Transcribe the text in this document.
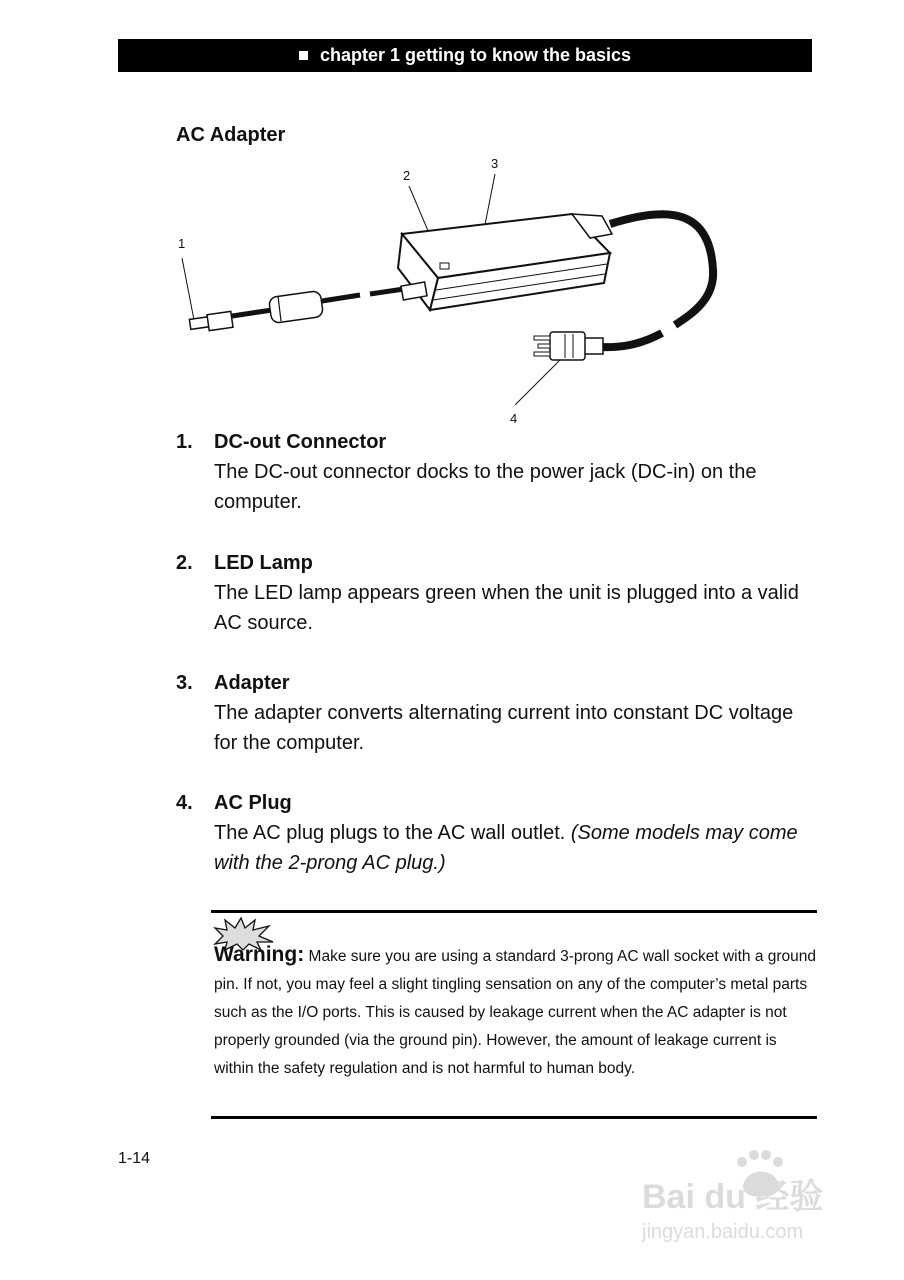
chapter 1 getting to know the basics
AC Adapter
1
2
3
4
1. DC-out Connector
The DC-out connector docks to the power jack (DC-in) on the computer.
2. LED Lamp
The LED lamp appears green when the unit is plugged into a valid AC source.
3. Adapter
The adapter converts alternating current into constant DC voltage for the computer.
4. AC Plug
The AC plug plugs to the AC wall outlet. (Some models may come with the 2-prong AC plug.)
Warning: Make sure you are using a standard 3-prong AC wall socket with a ground pin. If not, you may feel a slight tingling sensation on any of the computer’s metal parts such as the I/O ports. This is caused by leakage current when the AC adapter is not properly grounded (via the ground pin). However, the amount of leakage current is within the safety regulation and is not harmful to human body.
1-14
Bai du 经验
jingyan.baidu.com
